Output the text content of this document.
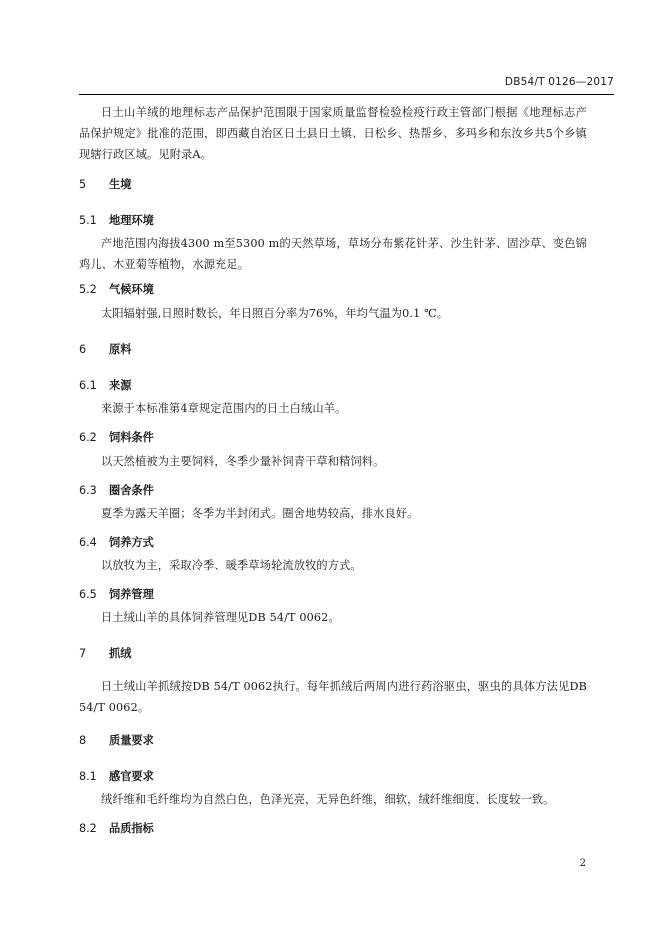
DB54/T 0126—2017

日土山羊绒的地理标志产品保护范围限于国家质量监督检验检疫行政主管部门根据《地理标志产品保护规定》批准的范围，即西藏自治区日土县日土镇、日松乡、热帮乡、多玛乡和东汝乡共5个乡镇现辖行政区域。见附录A。

5 生境
5.1 地理环境

产地范围内海拔4300 m至5300 m的天然草场，草场分布紫花针茅、沙生针茅、固沙草、变色锦鸡儿、木亚菊等植物，水源充足。

5.2 气候环境

太阳辐射强,日照时数长，年日照百分率为76%，年均气温为0.1 ℃。

6 原料
6.1 来源

来源于本标准第4章规定范围内的日土白绒山羊。

6.2 饲料条件

以天然植被为主要饲料，冬季少量补饲青干草和精饲料。

6.3 圈舍条件

夏季为露天羊圈；冬季为半封闭式。圈舍地势较高，排水良好。

6.4 饲养方式

以放牧为主，采取冷季、暖季草场轮流放牧的方式。

6.5 饲养管理

日土绒山羊的具体饲养管理见DB 54/T 0062。

7 抓绒

日土绒山羊抓绒按DB 54/T 0062执行。每年抓绒后两周内进行药浴驱虫，驱虫的具体方法见DB 54/T 0062。

8 质量要求
8.1 感官要求

绒纤维和毛纤维均为自然白色，色泽光亮，无异色纤维，细软，绒纤维细度、长度较一致。

8.2 品质指标
2
